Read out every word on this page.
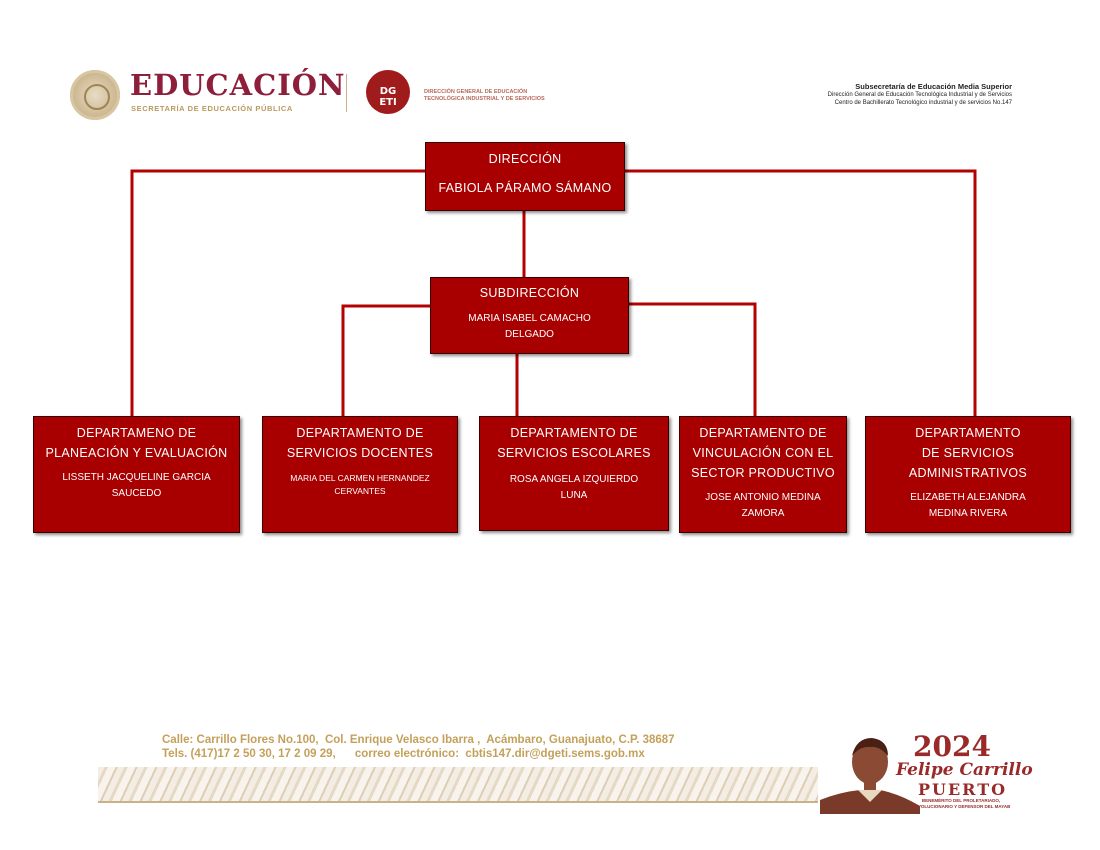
EDUCACIÓN
SECRETARÍA DE EDUCACIÓN PÚBLICA
DG ETI
DIRECCIÓN GENERAL DE EDUCACIÓN
TECNOLÓGICA INDUSTRIAL Y DE SERVICIOS
Subsecretaría de Educación Media Superior
Dirección General de Educación Tecnológica Industrial y de Servicios
Centro de Bachillerato Tecnológico industrial y de servicios No.147
DIRECCIÓN
FABIOLA PÁRAMO SÁMANO
SUBDIRECCIÓN
MARIA ISABEL CAMACHO DELGADO
DEPARTAMENO DE PLANEACIÓN Y EVALUACIÓN
LISSETH JACQUELINE GARCIA SAUCEDO
DEPARTAMENTO DE SERVICIOS DOCENTES
MARIA DEL CARMEN HERNANDEZ CERVANTES
DEPARTAMENTO DE SERVICIOS ESCOLARES
ROSA ANGELA IZQUIERDO LUNA
DEPARTAMENTO DE VINCULACIÓN CON EL SECTOR PRODUCTIVO
JOSE ANTONIO MEDINA ZAMORA
DEPARTAMENTO DE SERVICIOS ADMINISTRATIVOS
ELIZABETH ALEJANDRA MEDINA RIVERA
Calle: Carrillo Flores No.100,  Col. Enrique Velasco Ibarra ,  Acámbaro, Guanajuato, C.P. 38687
Tels. (417)17 2 50 30, 17 2 09 29,      correo electrónico:  cbtis147.dir@dgeti.sems.gob.mx	2024
Felipe Carrillo
PUERTO
BENEMÉRITO DEL PROLETARIADO, REVOLUCIONARIO Y DEFENSOR DEL MAYAB
